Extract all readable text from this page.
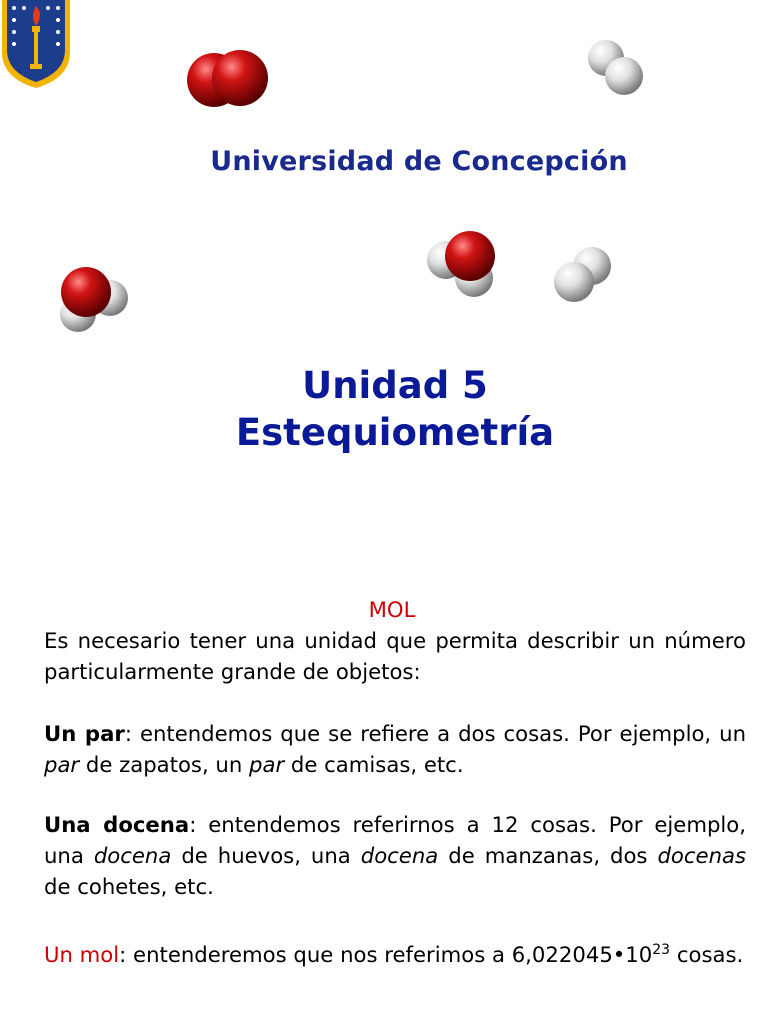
Universidad de Concepción
Unidad 5
Estequiometría

MOL

Es necesario tener una unidad que permita describir un número particularmente grande de objetos:

Un par: entendemos que se refiere a dos cosas. Por ejemplo, un par de zapatos, un par de camisas, etc.

Una docena: entendemos referirnos a 12 cosas. Por ejemplo, una docena de huevos, una docena de manzanas, dos docenas de cohetes, etc.

Un mol: entenderemos que nos referimos a $6,022045•10^{23}$ cosas.
